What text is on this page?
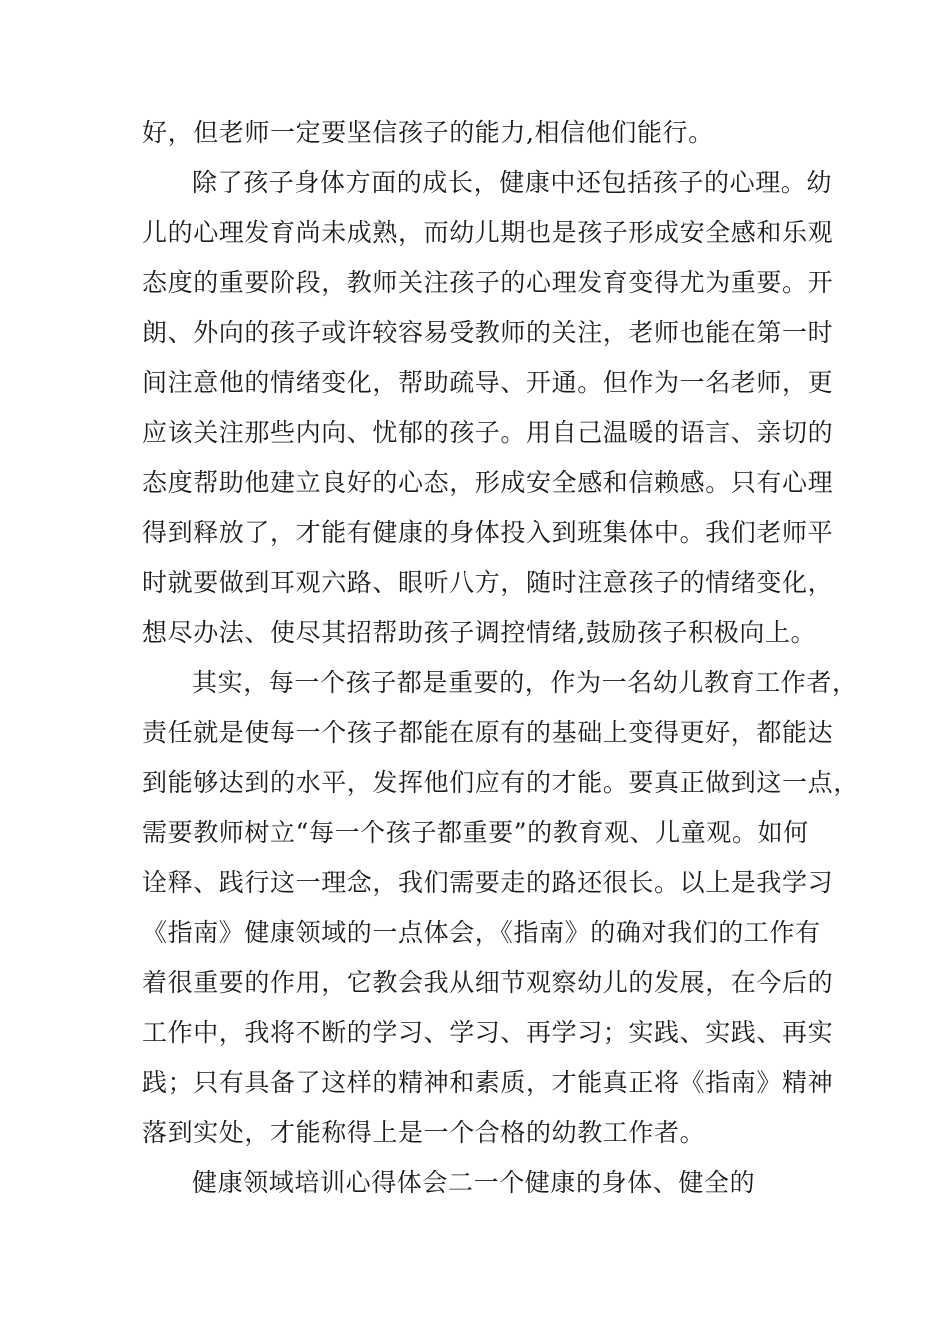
好，但老师一定要坚信孩子的能力,相信他们能行。
除了孩子身体方面的成长，健康中还包括孩子的心理。幼
儿的心理发育尚未成熟，而幼儿期也是孩子形成安全感和乐观
态度的重要阶段，教师关注孩子的心理发育变得尤为重要。开
朗、外向的孩子或许较容易受教师的关注，老师也能在第一时
间注意他的情绪变化，帮助疏导、开通。但作为一名老师，更
应该关注那些内向、忧郁的孩子。用自己温暖的语言、亲切的
态度帮助他建立良好的心态，形成安全感和信赖感。只有心理
得到释放了，才能有健康的身体投入到班集体中。我们老师平
时就要做到耳观六路、眼听八方，随时注意孩子的情绪变化，
想尽办法、使尽其招帮助孩子调控情绪,鼓励孩子积极向上。
其实，每一个孩子都是重要的，作为一名幼儿教育工作者，
责任就是使每一个孩子都能在原有的基础上变得更好，都能达
到能够达到的水平，发挥他们应有的才能。要真正做到这一点，
需要教师树立“每一个孩子都重要”的教育观、儿童观。如何
诠释、践行这一理念，我们需要走的路还很长。以上是我学习
《指南》健康领域的一点体会，《指南》的确对我们的工作有
着很重要的作用，它教会我从细节观察幼儿的发展，在今后的
工作中，我将不断的学习、学习、再学习；实践、实践、再实
践；只有具备了这样的精神和素质，才能真正将《指南》精神
落到实处，才能称得上是一个合格的幼教工作者。
健康领域培训心得体会二一个健康的身体、健全的
